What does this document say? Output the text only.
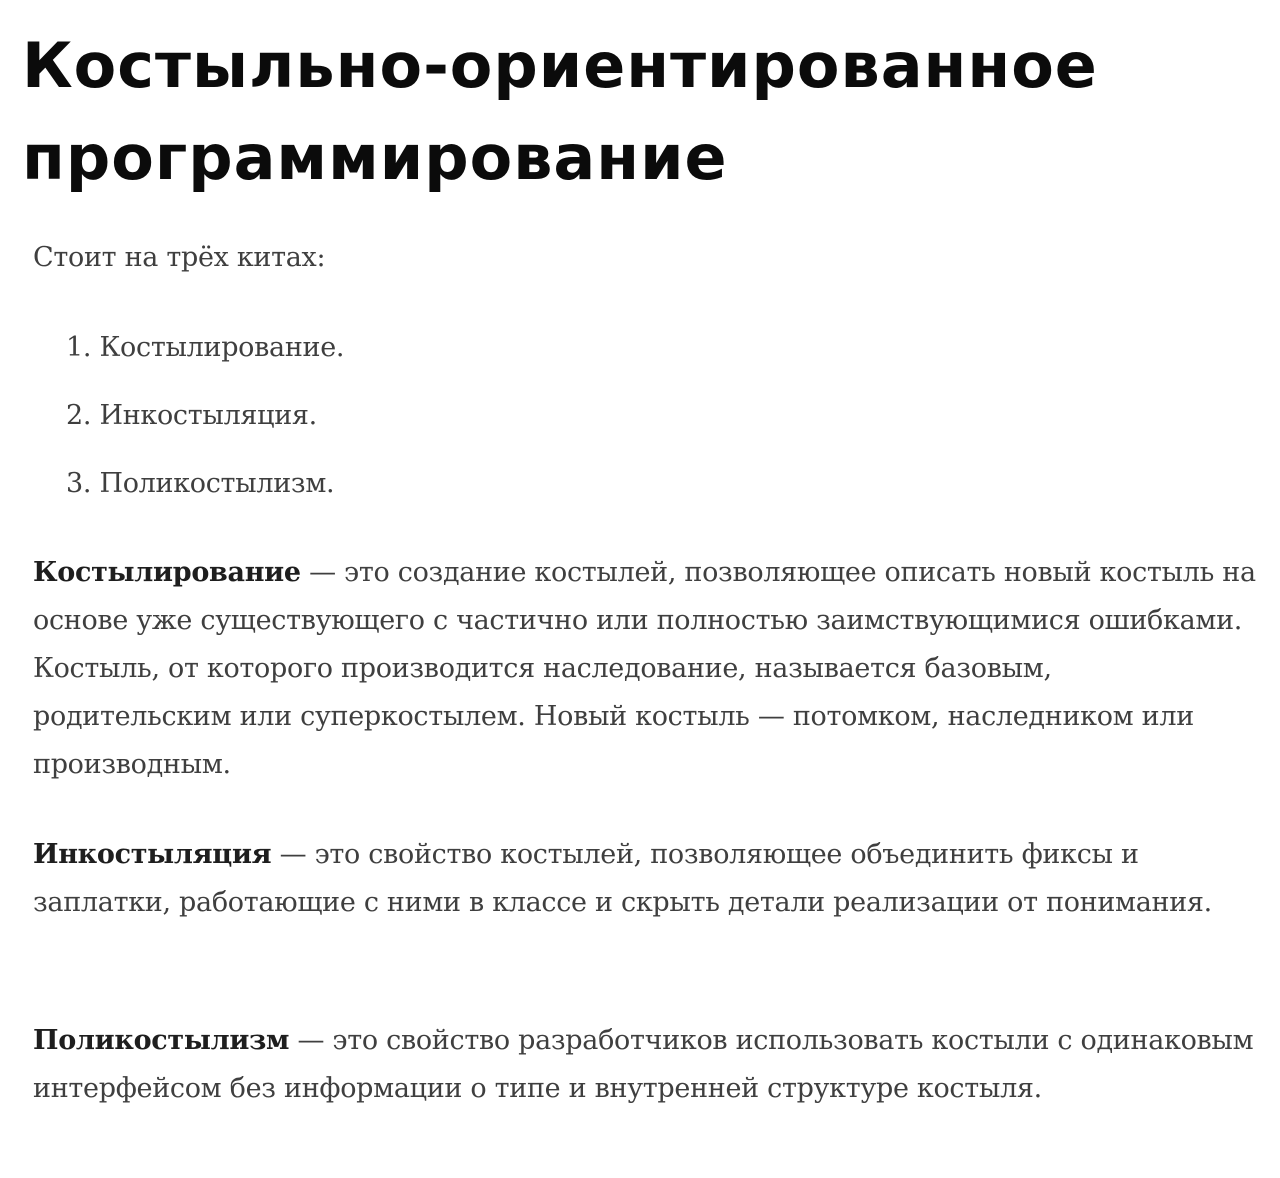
Костыльно-ориентированное
программирование

Стоит на трёх китах:

1. Костылирование.
2. Инкостыляция.
3. Поликостылизм.

Костылирование — это создание костылей, позволяющее описать новый костыль на основе уже существующего с частично или полностью заимствующимися ошибками. Костыль, от которого производится наследование, называется базовым, родительским или суперкостылем. Новый костыль — потомком, наследником или производным.

Инкостыляция — это свойство костылей, позволяющее объединить фиксы и заплатки, работающие с ними в классе и скрыть детали реализации от понимания.

Поликостылизм — это свойство разработчиков использовать костыли с одинаковым интерфейсом без информации о типе и внутренней структуре костыля.
